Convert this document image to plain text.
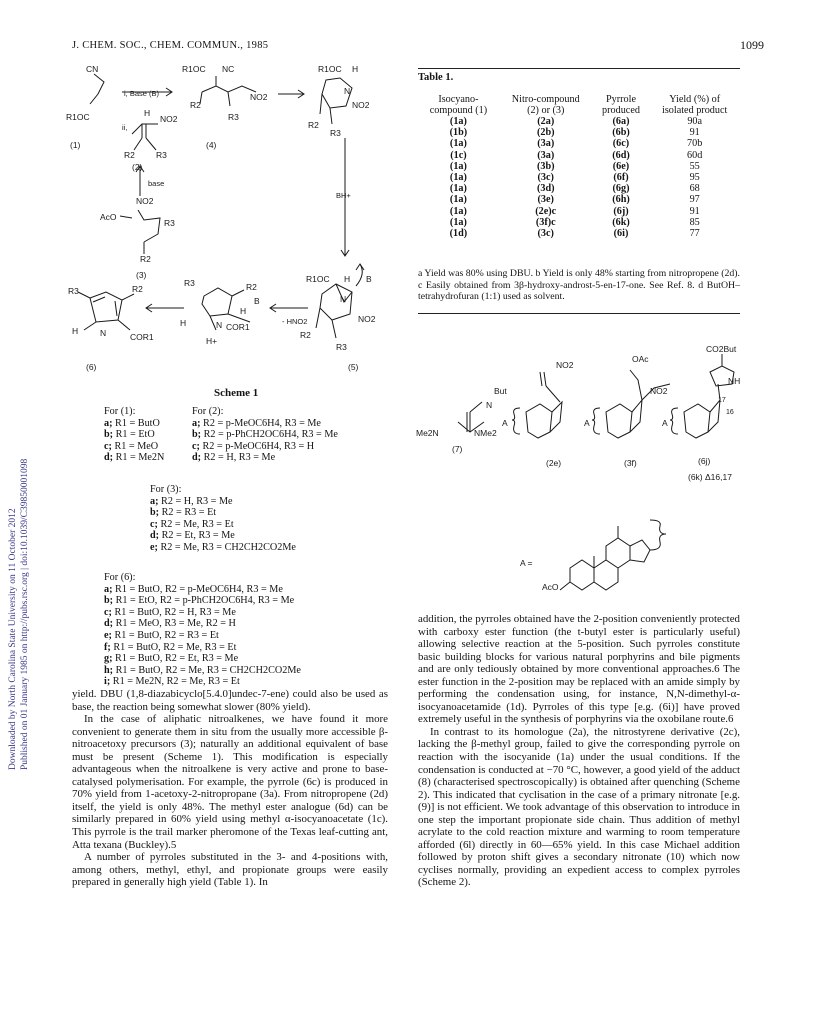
J. CHEM. SOC., CHEM. COMMUN., 1985	1099
Downloaded by North Carolina State University on 11 October 2012 Published on 01 January 1985 on http://pubs.rsc.org | doi:10.1039/C39850001098
CN
R1OC
(1)
i, Base (B)
ii,
H
NO2
R2 R3
(2)
base
R1OC NC
R2
NO2
R3
(4)
R1OC H
N
NO2
R2
R3
BH+
NO2
AcO
R3
R2
(3)	R1OC H B
N
NO2
R2
R3
(5)
- HNO2
R3	R2
H
B
H	N COR1
H+
R3	R2
H	N	COR1
(6)
Scheme 1
For (1):
a; R1 = ButO
b; R1 = EtO
c; R1 = MeO
d; R1 = Me2N
For (2):
a; R2 = p-MeOC6H4, R3 = Me
b; R2 = p-PhCH2OC6H4, R3 = Me
c; R2 = p-MeOC6H4, R3 = H
d; R2 = H, R3 = Me
For (3):
a; R2 = H, R3 = Me
b; R2 = R3 = Et
c; R2 = Me, R3 = Et
d; R2 = Et, R3 = Me
e; R2 = Me, R3 = CH2CH2CO2Me
For (6):
a; R1 = ButO, R2 = p-MeOC6H4, R3 = Me
b; R1 = EtO, R2 = p-PhCH2OC6H4, R3 = Me
c; R1 = ButO, R2 = H, R3 = Me
d; R1 = MeO, R3 = Me, R2 = H
e; R1 = ButO, R2 = R3 = Et
f; R1 = ButO, R2 = Me, R3 = Et
g; R1 = ButO, R2 = Et, R3 = Me
h; R1 = ButO, R2 = Me, R3 = CH2CH2CO2Me
i; R1 = Me2N, R2 = Me, R3 = Et

yield. DBU (1,8-diazabicyclo[5.4.0]undec-7-ene) could also be used as base, the reaction being somewhat slower (80% yield).

In the case of aliphatic nitroalkenes, we have found it more convenient to generate them in situ from the usually more accessible β-nitroacetoxy precursors (3); naturally an additional equivalent of base must be present (Scheme 1). This modification is especially advantageous when the nitroalkene is very active and prone to base-catalysed polymerisation. For example, the pyrrole (6c) is produced in 70% yield from 1-acetoxy-2-nitropropane (3a). From nitropropene (2d) itself, the yield is only 48%. The methyl ester analogue (6d) can be similarly prepared in 60% yield using methyl α-isocyanoacetate (1c). This pyrrole is the trail marker pheromone of the Texas leaf-cutting ant, Atta texana (Buckley).5

A number of pyrroles substituted in the 3- and 4-positions with, among others, methyl, ethyl, and propionate groups were easily prepared in generally high yield (Table 1). In

Table 1.
Isocyano-
compound (1)	Nitro-compound
(2) or (3)	Pyrrole
produced	Yield (%) of
isolated product
(1a)	(2a)	(6a)	90a
(1b)	(2b)	(6b)	91
(1a)	(3a)	(6c)	70b
(1c)	(3a)	(6d)	60d
(1a)	(3b)	(6e)	55
(1a)	(3c)	(6f)	95
(1a)	(3d)	(6g)	68
(1a)	(3e)	(6h)	97
(1a)	(2e)c	(6j)	91
(1a)	(3f)c	(6k)	85
(1d)	(3c)	(6i)	77
a Yield was 80% using DBU. b Yield is only 48% starting from nitropropene (2d). c Easily obtained from 3β-hydroxy-androst-5-en-17-one. See Ref. 8. d ButOH–tetrahydrofuran (1:1) used as solvent.
But
N
Me2N	NMe2
(7)
A
NO2
(2e)
A
OAc
NO2
(3f)
A
CO2But
NH
17
16
(6j)
(6k) Δ16,17
A =
AcO

addition, the pyrroles obtained have the 2-position conveniently protected with carboxy ester function (the t-butyl ester is particularly useful) allowing selective reaction at the 5-position. Such pyrroles constitute basic building blocks for various natural porphyrins and bile pigments and are only tediously obtained by more conventional approaches.6 The ester function in the 2-position may be replaced with an amide simply by performing the condensation using, for instance, N,N-dimethyl-α-isocyanoacetamide (1d). Pyrroles of this type [e.g. (6i)] have proved extremely useful in the synthesis of porphyrins via the oxobilane route.6

In contrast to its homologue (2a), the nitrostyrene derivative (2c), lacking the β-methyl group, failed to give the corresponding pyrrole on reaction with the isocyanide (1a) under the usual conditions. If the condensation is conducted at −70 °C, however, a good yield of the adduct (8) (characterised spectroscopically) is obtained after quenching (Scheme 2). This indicated that cyclisation in the case of a primary nitronate [e.g. (9)] is not efficient. We took advantage of this observation to introduce in one step the important propionate side chain. Thus addition of methyl acrylate to the cold reaction mixture and warming to room temperature afforded (6l) directly in 60—65% yield. In this case Michael addition followed by proton shift gives a secondary nitronate (10) which now cyclises normally, providing an expedient access to complex pyrroles (Scheme 2).
